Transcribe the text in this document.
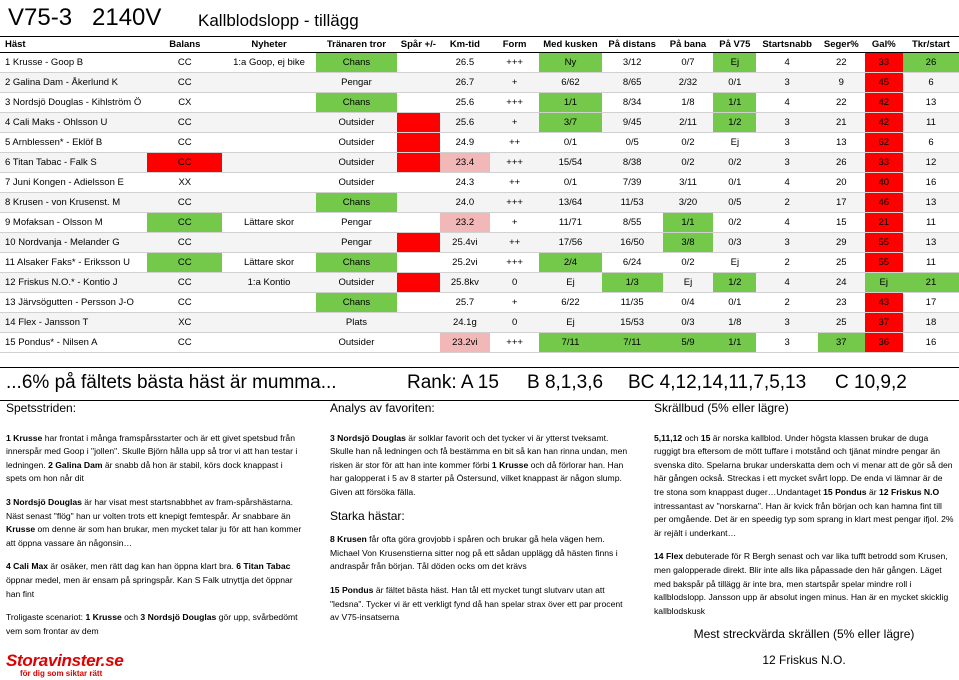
V75-3 2140V Kallblodslopp - tillägg
Häst	Balans	Nyheter	Tränaren tror	Spår +/-	Km-tid	Form	Med kusken	På distans	På bana	På V75	Startsnabb	Seger%	Gal%	Tkr/start
1 Krusse - Goop B	CC	1:a Goop, ej bike	Chans		26.5	+++	Ny	3/12	0/7	Ej	4	22	33	26
2 Galina Dam - Åkerlund K	CC		Pengar		26.7	+	6/62	8/65	2/32	0/1	3	9	45	6
3 Nordsjö Douglas - Kihlström Ö	CX		Chans		25.6	+++	1/1	8/34	1/8	1/1	4	22	42	13
4 Cali Maks - Ohlsson U	CC		Outsider		25.6	+	3/7	9/45	2/11	1/2	3	21	42	11
5 Arnblessen* - Eklöf B	CC		Outsider		24.9	++	0/1	0/5	0/2	Ej	3	13	62	6
6 Titan Tabac - Falk S	CC		Outsider		23.4	+++	15/54	8/38	0/2	0/2	3	26	33	12
7 Juni Kongen - Adielsson E	XX		Outsider		24.3	++	0/1	7/39	3/11	0/1	4	20	40	16
8 Krusen - von Krusenst. M	CC		Chans		24.0	+++	13/64	11/53	3/20	0/5	2	17	46	13
9 Mofaksan - Olsson M	CC	Lättare skor	Pengar		23.2	+	11/71	8/55	1/1	0/2	4	15	21	11
10 Nordvanja - Melander G	CC		Pengar		25.4vi	++	17/56	16/50	3/8	0/3	3	29	55	13
11 Alsaker Faks* - Eriksson U	CC	Lättare skor	Chans		25.2vi	+++	2/4	6/24	0/2	Ej	2	25	55	11
12 Friskus N.O.* - Kontio J	CC	1:a Kontio	Outsider		25.8kv	0	Ej	1/3	Ej	1/2	4	24	Ej	21
13 Järvsögutten - Persson J-O	CC		Chans		25.7	+	6/22	11/35	0/4	0/1	2	23	43	17
14 Flex - Jansson T	XC		Plats		24.1g	0	Ej	15/53	0/3	1/8	3	25	37	18
15 Pondus* - Nilsen A	CC		Outsider		23.2vi	+++	7/11	7/11	5/9	1/1	3	37	36	16
...6% på fältets bästa häst är mumma...	Rank: A 15 B 8,1,3,6 BC 4,12,14,11,7,5,13 C 10,9,2
Spetsstriden:

1 Krusse har frontat i många framspårsstarter och är ett givet spetsbud från innerspår med Goop i "jollen". Skulle Björn hålla upp så tror vi att han testar i ledningen. 2 Galina Dam är snabb då hon är stabil, körs dock knappast i spets om hon når dit

3 Nordsjö Douglas är har visat mest startsnabbhet av fram-spårshästarna. Näst senast "flög" han ur volten trots ett knepigt femtespår. Är snabbare än Krusse om denne är som han brukar, men mycket talar ju för att han kommer att öppna vassare än någonsin…

4 Cali Max är osäker, men rätt dag kan han öppna klart bra. 6 Titan Tabac öppnar medel, men är ensam på springspår. Kan S Falk utnyttja det öppnar han fint

Troligaste scenariot: 1 Krusse och 3 Nordsjö Douglas gör upp, svårbedömt vem som frontar av dem

Analys av favoriten:

3 Nordsjö Douglas är solklar favorit och det tycker vi är ytterst tveksamt. Skulle han nå ledningen och få bestämma en bit så kan han rinna undan, men risken är stor för att han inte kommer förbi 1 Krusse och då förlorar han. Han har galopperat i 5 av 8 starter på Östersund, vilket knappast är någon slump. Given att försöka fälla.

Starka hästar:

8 Krusen får ofta göra grovjobb i spåren och brukar gå hela vägen hem. Michael Von Krusenstierna sitter nog på ett sådan upplägg då hästen finns i andraspår från början. Tål döden ocks om det krävs

15 Pondus är fältet bästa häst. Han tål ett mycket tungt slutvarv utan att "ledsna". Tycker vi är ett verkligt fynd då han spelar strax över ett par procent av V75-insatserna

Skrällbud (5% eller lägre)

5,11,12 och 15 är norska kallblod. Under högsta klassen brukar de duga ruggigt bra eftersom de mött tuffare i motstånd och tjänat mindre pengar än svenska dito. Spelarna brukar underskatta dem och vi menar att de gör så den här gången också. Streckas i ett mycket svårt lopp. De enda vi lämnar är de tre stona som knappast duger…Undantaget 15 Pondus är 12 Friskus N.O intressantast av "norskarna". Han är kvick från början och kan hamna fint till per omgående. Det är en speedig typ som sprang in klart mest pengar ifjol. 2% är rejält i underkant…

14 Flex debuterade för R Bergh senast och var lika tufft betrodd som Krusen, men galopperade direkt. Blir inte alls lika påpassade den här gången. Läget med bakspår på tillägg är inte bra, men startspår spelar mindre roll i kallblodslopp. Jansson upp är absolut ingen minus. Han är en mycket skicklig kallblodskusk

Mest streckvärda skrällen (5% eller lägre)
12 Friskus N.O.
Storavinster.se
för dig som siktar rätt
